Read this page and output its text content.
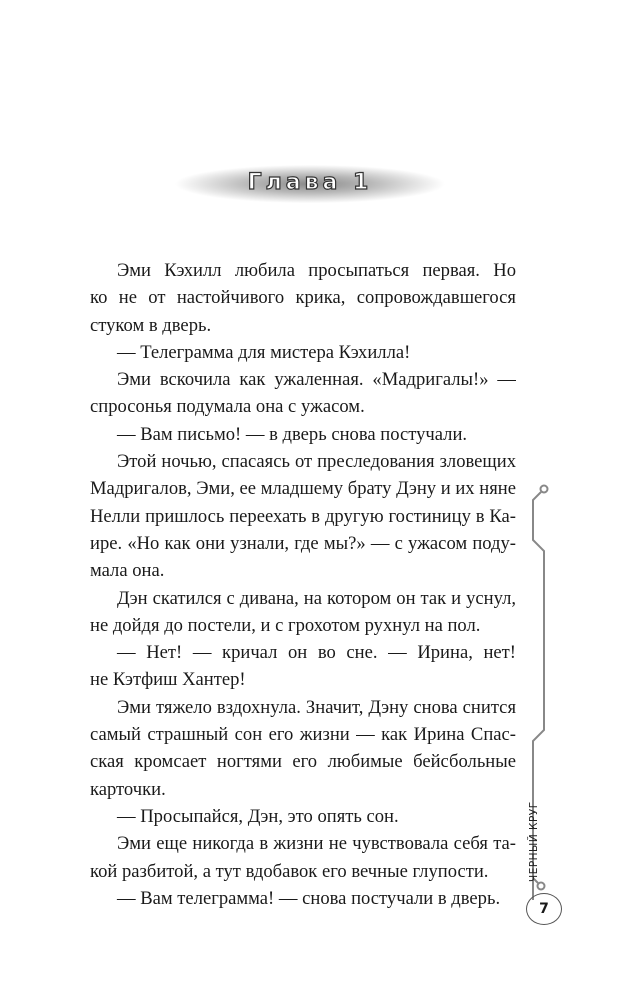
Глава 1
Эми Кэхилл любила просыпаться первая. Но
ко не от настойчивого крика, сопровождавшегося
стуком в дверь.
— Телеграмма для мистера Кэхилла!
Эми вскочила как ужаленная. «Мадригалы!» —
спросонья подумала она с ужасом.
— Вам письмо! — в дверь снова постучали.
Этой ночью, спасаясь от преследования зловещих
Мадригалов, Эми, ее младшему брату Дэну и их няне
Нелли пришлось переехать в другую гостиницу в Ка-
ире. «Но как они узнали, где мы?» — с ужасом поду-
мала она.
Дэн скатился с дивана, на котором он так и уснул,
не дойдя до постели, и с грохотом рухнул на пол.
— Нет! — кричал он во сне. — Ирина, нет!
не Кэтфиш Хантер!
Эми тяжело вздохнула. Значит, Дэну снова снится
самый страшный сон его жизни — как Ирина Спас-
ская кромсает ногтями его любимые бейсбольные
карточки.
— Просыпайся, Дэн, это опять сон.
Эми еще никогда в жизни не чувствовала себя та-
кой разбитой, а тут вдобавок его вечные глупости.
— Вам телеграмма! — снова постучали в дверь.
ЧЕРНЫЙ КРУГ
7
